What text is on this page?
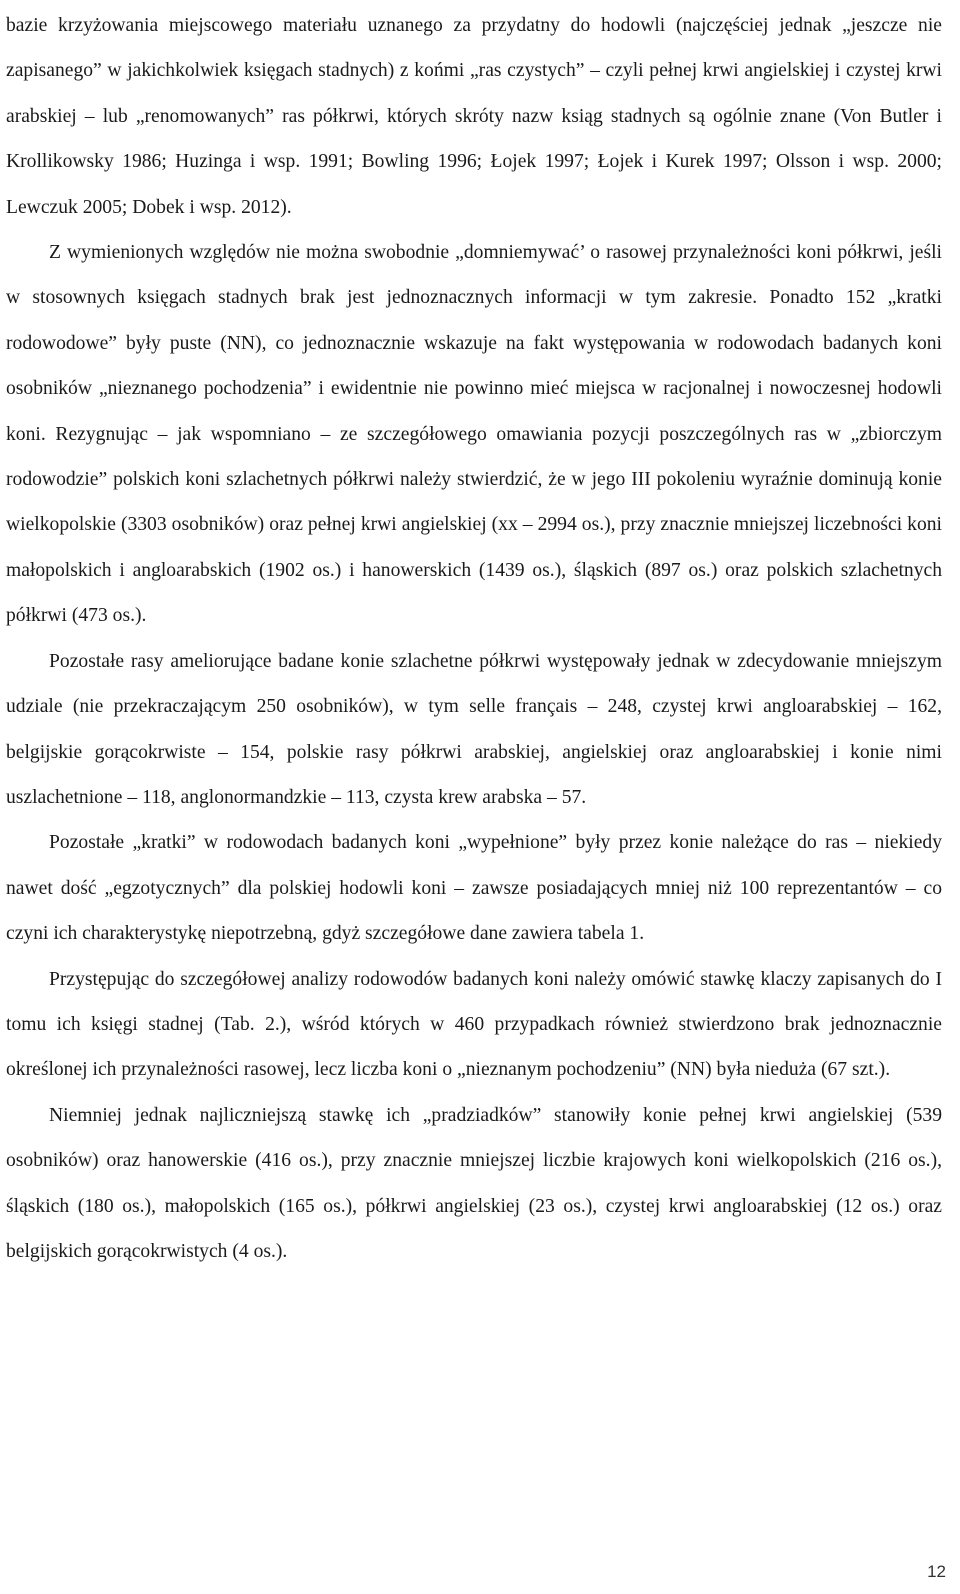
bazie krzyżowania miejscowego materiału uznanego za przydatny do hodowli (najczęściej jednak „jeszcze nie zapisanego” w jakichkolwiek księgach stadnych) z końmi „ras czystych” – czyli pełnej krwi angielskiej i czystej krwi arabskiej – lub „renomowanych” ras półkrwi, których skróty nazw ksiąg stadnych są ogólnie znane (Von Butler i Krollikowsky 1986; Huzinga i wsp. 1991; Bowling 1996; Łojek 1997; Łojek i Kurek 1997; Olsson i wsp. 2000; Lewczuk 2005; Dobek i wsp. 2012).

Z wymienionych względów nie można swobodnie „domniemywać’ o rasowej przynależności koni półkrwi, jeśli w stosownych księgach stadnych brak jest jednoznacznych informacji w tym zakresie. Ponadto 152 „kratki rodowodowe” były puste (NN), co jednoznacznie wskazuje na fakt występowania w rodowodach badanych koni osobników „nieznanego pochodzenia” i ewidentnie nie powinno mieć miejsca w racjonalnej i nowoczesnej hodowli koni. Rezygnując – jak wspomniano – ze szczegółowego omawiania pozycji poszczególnych ras w „zbiorczym rodowodzie” polskich koni szlachetnych półkrwi należy stwierdzić, że w jego III pokoleniu wyraźnie dominują konie wielkopolskie (3303 osobników) oraz pełnej krwi angielskiej (xx – 2994 os.), przy znacznie mniejszej liczebności koni małopolskich i angloarabskich (1902 os.) i hanowerskich (1439 os.), śląskich (897 os.) oraz polskich szlachetnych półkrwi (473 os.).

Pozostałe rasy ameliorujące badane konie szlachetne półkrwi występowały jednak w zdecydowanie mniejszym udziale (nie przekraczającym 250 osobników), w tym selle français – 248, czystej krwi angloarabskiej – 162, belgijskie gorącokrwiste – 154, polskie rasy półkrwi arabskiej, angielskiej oraz angloarabskiej i konie nimi uszlachetnione – 118, anglonormandzkie – 113, czysta krew arabska – 57.

Pozostałe „kratki” w rodowodach badanych koni „wypełnione” były przez konie należące do ras – niekiedy nawet dość „egzotycznych” dla polskiej hodowli koni – zawsze posiadających mniej niż 100 reprezentantów – co czyni ich charakterystykę niepotrzebną, gdyż szczegółowe dane zawiera tabela 1.

Przystępując do szczegółowej analizy rodowodów badanych koni należy omówić stawkę klaczy zapisanych do I tomu ich księgi stadnej (Tab. 2.), wśród których w 460 przypadkach również stwierdzono brak jednoznacznie określonej ich przynależności rasowej, lecz liczba koni o „nieznanym pochodzeniu” (NN) była nieduża (67 szt.).

Niemniej jednak najliczniejszą stawkę ich „pradziadków” stanowiły konie pełnej krwi angielskiej (539 osobników) oraz hanowerskie (416 os.), przy znacznie mniejszej liczbie krajowych koni wielkopolskich (216 os.), śląskich (180 os.), małopolskich (165 os.), półkrwi angielskiej (23 os.), czystej krwi angloarabskiej (12 os.) oraz belgijskich gorącokrwistych (4 os.).

12
